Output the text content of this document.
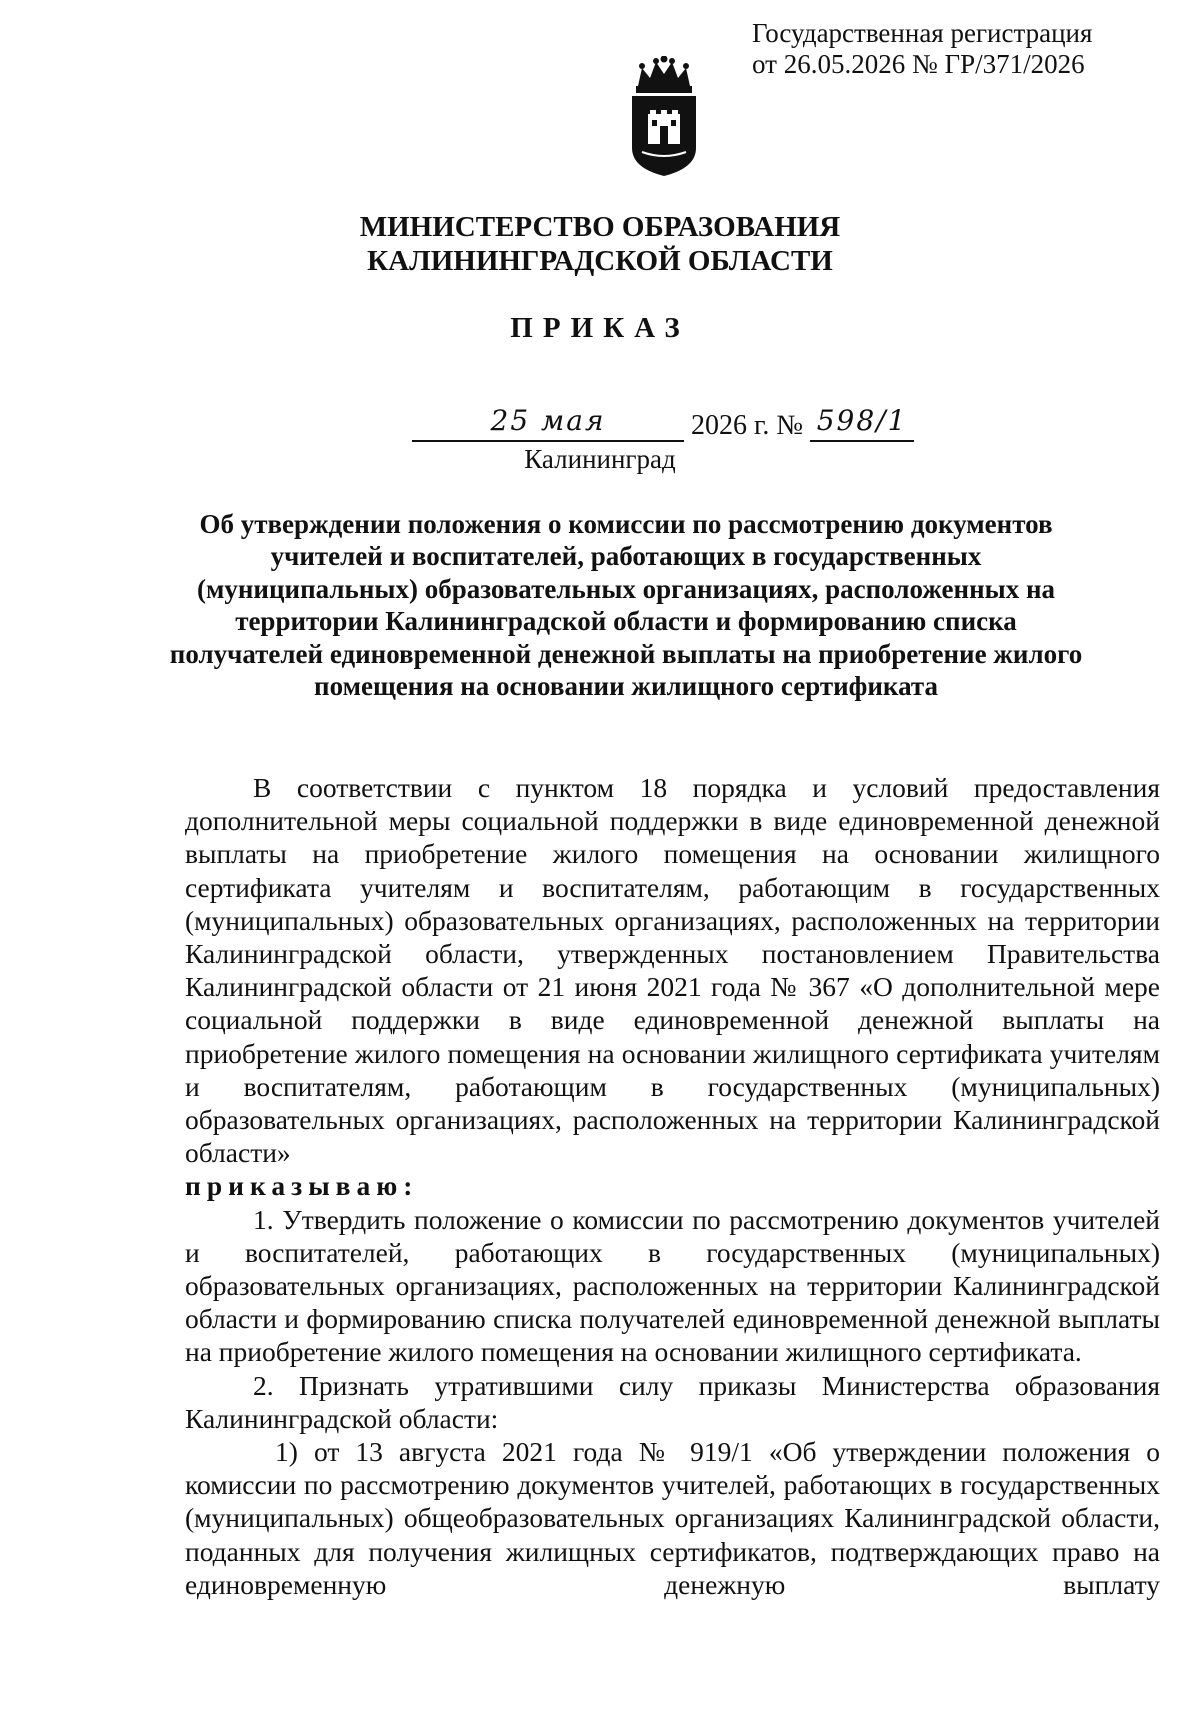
Государственная регистрация
от 26.05.2026 № ГР/371/2026
МИНИСТЕРСТВО ОБРАЗОВАНИЯ
КАЛИНИНГРАДСКОЙ ОБЛАСТИ
ПРИКАЗ
25 мая	2026 г. № 598/1
Калининград
Об утверждении положения о комиссии по рассмотрению документов учителей и воспитателей, работающих в государственных (муниципальных) образовательных организациях, расположенных на территории Калининградской области и формированию списка получателей единовременной денежной выплаты на приобретение жилого помещения на основании жилищного сертификата

В соответствии с пунктом 18 порядка и условий предоставления дополнительной меры социальной поддержки в виде единовременной денежной выплаты на приобретение жилого помещения на основании жилищного сертификата учителям и воспитателям, работающим в государственных (муниципальных) образовательных организациях, расположенных на территории Калининградской области, утвержденных постановлением Правительства Калининградской области от 21 июня 2021 года № 367 «О дополнительной мере социальной поддержки в виде единовременной денежной выплаты на приобретение жилого помещения на основании жилищного сертификата учителям и воспитателям, работающим в государственных (муниципальных) образовательных организациях, расположенных на территории Калининградской области»

приказываю:

1. Утвердить положение о комиссии по рассмотрению документов учителей и воспитателей, работающих в государственных (муниципальных) образовательных организациях, расположенных на территории Калининградской области и формированию списка получателей единовременной денежной выплаты на приобретение жилого помещения на основании жилищного сертификата.

2. Признать утратившими силу приказы Министерства образования Калининградской области:

1) от 13 августа 2021 года № 919/1 «Об утверждении положения о комиссии по рассмотрению документов учителей, работающих в государственных (муниципальных) общеобразовательных организациях Калининградской области, поданных для получения жилищных сертификатов, подтверждающих право на единовременную денежную выплату
